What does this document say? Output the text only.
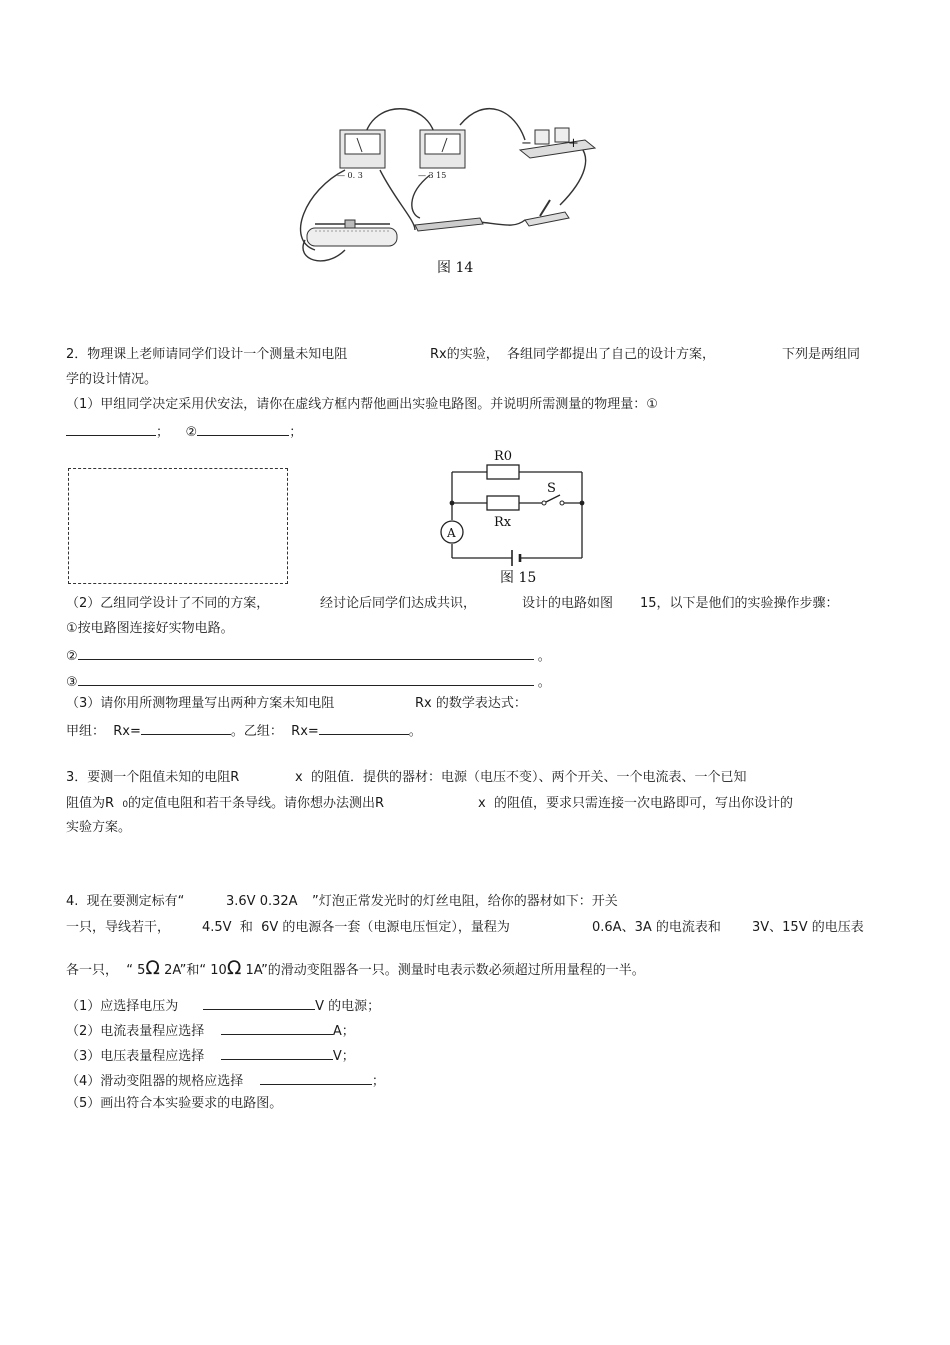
— 0. 3	— 3 15
−	+
图 14
2．物理课上老师请同学们设计一个测量未知电阻	Rx的实验，  各组同学都提出了自己的设计方案，	下列是两组同
学的设计情况。
（1）甲组同学决定采用伏安法，请你在虚线方框内帮他画出实验电路图。并说明所需测量的物理量：①
； ②	；
R0
Rx
S
A
图 15
（2）乙组同学设计了不同的方案，	经讨论后同学们达成共识，	设计的电路如图 15，以下是他们的实验操作步骤：
①按电路图连接好实物电路。
②	。
③	。
（3）请你用所测物理量写出两种方案未知电阻	Rx 的数学表达式：
甲组：  Rx=	。乙组：  Rx=	。
3．要测一个阻值未知的电阻R	x  的阻值．提供的器材：电源（电压不变）、两个开关、一个电流表、一个已知
阻值为R  0的定值电阻和若干条导线。请你想办法测出R	x  的阻值，要求只需连接一次电路即可，写出你设计的
实验方案。
4.  现在要测定标有“	3.6V 0.32A ”灯泡正常发光时的灯丝电阻，给你的器材如下：开关
一只，导线若干， 4.5V  和  6V 的电源各一套（电源电压恒定），量程为	0.6A、3A 的电流表和 3V、15V 的电压表
各一只，  “ 5Ω 2A”和“ 10Ω 1A”的滑动变阻器各一只。测量时电表示数必须超过所用量程的一半。
（1）应选择电压为	V 的电源；
（2）电流表量程应选择	A；
（3）电压表量程应选择	V；
（4）滑动变阻器的规格应选择	；
（5）画出符合本实验要求的电路图。
